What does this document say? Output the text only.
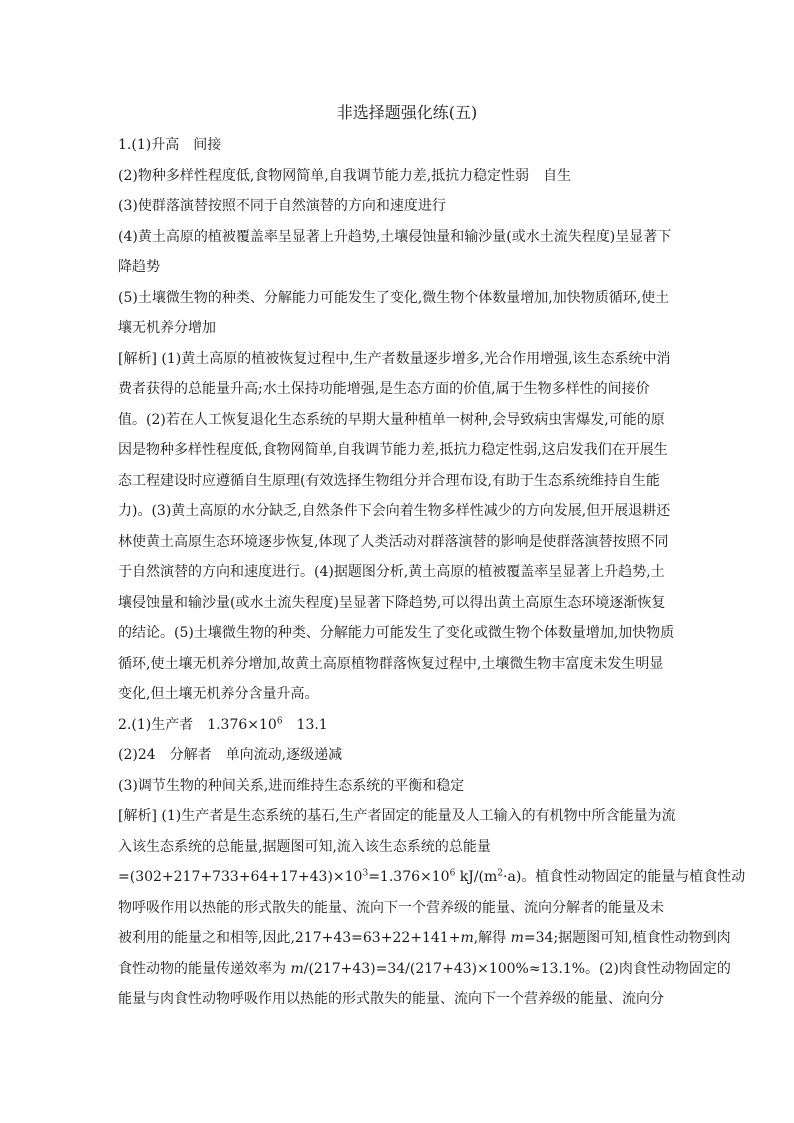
非选择题强化练(五)

1.(1)升高　间接

(2)物种多样性程度低,食物网简单,自我调节能力差,抵抗力稳定性弱　自生

(3)使群落演替按照不同于自然演替的方向和速度进行

(4)黄土高原的植被覆盖率呈显著上升趋势,土壤侵蚀量和输沙量(或水土流失程度)呈显著下

降趋势

(5)土壤微生物的种类、分解能力可能发生了变化,微生物个体数量增加,加快物质循环,使土

壤无机养分增加

[解析] (1)黄土高原的植被恢复过程中,生产者数量逐步增多,光合作用增强,该生态系统中消

费者获得的总能量升高;水土保持功能增强,是生态方面的价值,属于生物多样性的间接价

值。(2)若在人工恢复退化生态系统的早期大量种植单一树种,会导致病虫害爆发,可能的原

因是物种多样性程度低,食物网简单,自我调节能力差,抵抗力稳定性弱,这启发我们在开展生

态工程建设时应遵循自生原理(有效选择生物组分并合理布设,有助于生态系统维持自生能

力)。(3)黄土高原的水分缺乏,自然条件下会向着生物多样性减少的方向发展,但开展退耕还

林使黄土高原生态环境逐步恢复,体现了人类活动对群落演替的影响是使群落演替按照不同

于自然演替的方向和速度进行。(4)据题图分析,黄土高原的植被覆盖率呈显著上升趋势,土

壤侵蚀量和输沙量(或水土流失程度)呈显著下降趋势,可以得出黄土高原生态环境逐渐恢复

的结论。(5)土壤微生物的种类、分解能力可能发生了变化或微生物个体数量增加,加快物质

循环,使土壤无机养分增加,故黄土高原植物群落恢复过程中,土壤微生物丰富度未发生明显

变化,但土壤无机养分含量升高。

2.(1)生产者　$1.376\times 10^6$　13.1

(2)24　分解者　单向流动,逐级递减

(3)调节生物的种间关系,进而维持生态系统的平衡和稳定

[解析] (1)生产者是生态系统的基石,生产者固定的能量及人工输入的有机物中所含能量为流

入该生态系统的总能量,据题图可知,流入该生态系统的总能量

$=(302+217+733+64+17+43)\times 10^3=1.376\times 10^6$ $kJ/(m^2\cdot a)$。植食性动物固定的能量与植食性动

物呼吸作用以热能的形式散失的能量、流向下一个营养级的能量、流向分解者的能量及未

被利用的能量之和相等,因此,217+43=63+22+141+m,解得 m=34;据题图可知,植食性动物到肉

食性动物的能量传递效率为 m/(217+43)=34/(217+43)×100%≈13.1%。(2)肉食性动物固定的

能量与肉食性动物呼吸作用以热能的形式散失的能量、流向下一个营养级的能量、流向分
